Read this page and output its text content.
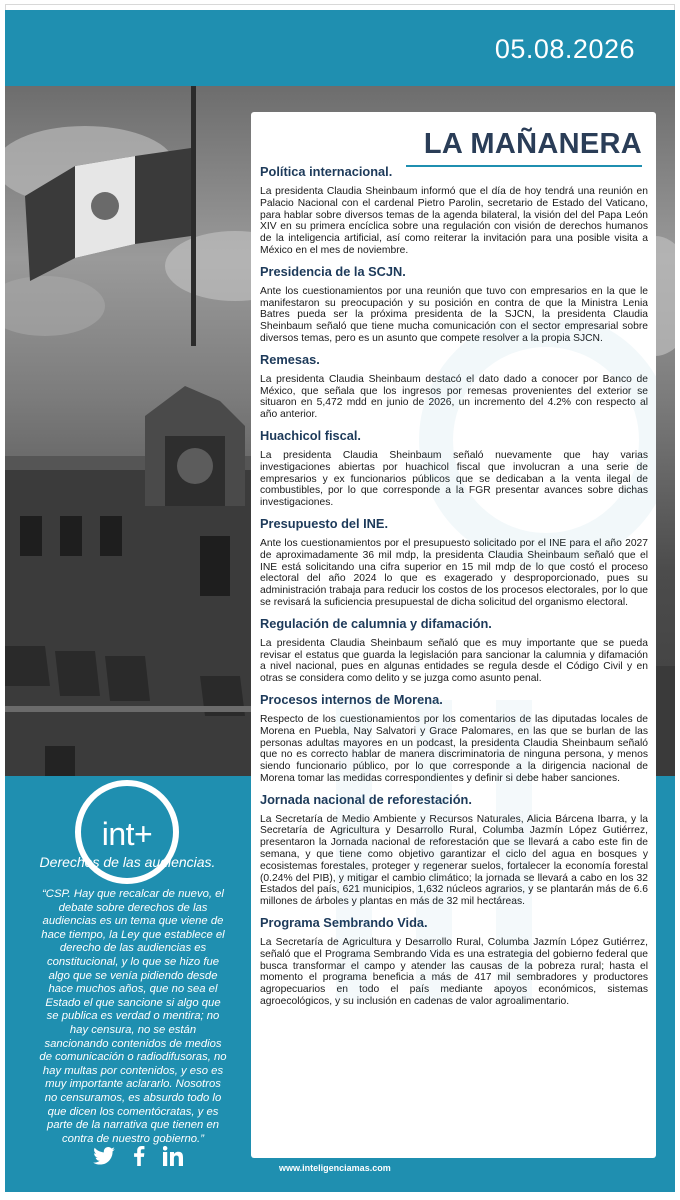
05.08.2026
int+
Derechos de las audiencias.
“CSP. Hay que recalcar de nuevo, el debate sobre derechos de las audiencias es un tema que viene de hace tiempo, la Ley que establece el derecho de las audiencias es constitucional, y lo que se hizo fue algo que se venía pidiendo desde hace muchos años, que no sea el Estado el que sancione si algo que se publica es verdad o mentira; no hay censura, no se están sancionando contenidos de medios de comunicación o radiodifusoras, no hay multas por contenidos, y eso es muy importante aclararlo. Nosotros no censuramos, es absurdo todo lo que dicen los comentócratas, y es parte de la narrativa que tienen en contra de nuestro gobierno.”
LA MAÑANERA
Política internacional.
La presidenta Claudia Sheinbaum informó que el día de hoy tendrá una reunión en Palacio Nacional con el cardenal Pietro Parolin, secretario de Estado del Vaticano, para hablar sobre diversos temas de la agenda bilateral, la visión del del Papa León XIV en su primera encíclica sobre una regulación con visión de derechos humanos de la inteligencia artificial, así como reiterar la invitación para una posible visita a México en el mes de noviembre.
Presidencia de la SCJN.
Ante los cuestionamientos por una reunión que tuvo con empresarios en la que le manifestaron su preocupación y su posición en contra de que la Ministra Lenia Batres pueda ser la próxima presidenta de la SJCN, la presidenta Claudia Sheinbaum señaló que tiene mucha comunicación con el sector empresarial sobre diversos temas, pero es un asunto que compete resolver a la propia SJCN.
Remesas.
La presidenta Claudia Sheinbaum destacó el dato dado a conocer por Banco de México, que señala que los ingresos por remesas provenientes del exterior se situaron en 5,472 mdd en junio de 2026, un incremento del 4.2% con respecto al año anterior.
Huachicol fiscal.
La presidenta Claudia Sheinbaum señaló nuevamente que hay varias investigaciones abiertas por huachicol fiscal que involucran a una serie de empresarios y ex funcionarios públicos que se dedicaban a la venta ilegal de combustibles, por lo que corresponde a la FGR presentar avances sobre dichas investigaciones.
Presupuesto del INE.
Ante los cuestionamientos por el presupuesto solicitado por el INE para el año 2027 de aproximadamente 36 mil mdp, la presidenta Claudia Sheinbaum señaló que el INE está solicitando una cifra superior en 15 mil mdp de lo que costó el proceso electoral del año 2024 lo que es exagerado y desproporcionado, pues su administración trabaja para reducir los costos de los procesos electorales, por lo que se revisará la suficiencia presupuestal de dicha solicitud del organismo electoral.
Regulación de calumnia y difamación.
La presidenta Claudia Sheinbaum señaló que es muy importante que se pueda revisar el estatus que guarda la legislación para sancionar la calumnia y difamación a nivel nacional, pues en algunas entidades se regula desde el Código Civil y en otras se considera como delito y se juzga como asunto penal.
Procesos internos de Morena.
Respecto de los cuestionamientos por los comentarios de las diputadas locales de Morena en Puebla, Nay Salvatori y Grace Palomares, en las que se burlan de las personas adultas mayores en un podcast, la presidenta Claudia Sheinbaum señaló que no es correcto hablar de manera discriminatoria de ninguna persona, y menos siendo funcionario público, por lo que corresponde a la dirigencia nacional de Morena tomar las medidas correspondientes y definir si debe haber sanciones.
Jornada nacional de reforestación.
La Secretaría de Medio Ambiente y Recursos Naturales, Alicia Bárcena Ibarra, y la Secretaría de Agricultura y Desarrollo Rural, Columba Jazmín López Gutiérrez, presentaron la Jornada nacional de reforestación que se llevará a cabo este fin de semana, y que tiene como objetivo garantizar el ciclo del agua en bosques y ecosistemas forestales, proteger y regenerar suelos, fortalecer la economía forestal (0.24% del PIB), y mitigar el cambio climático; la jornada se llevará a cabo en los 32 Estados del país, 621 municipios, 1,632 núcleos agrarios, y se plantarán más de 6.6 millones de árboles y plantas en más de 32 mil hectáreas.
Programa Sembrando Vida.
La Secretaría de Agricultura y Desarrollo Rural, Columba Jazmín López Gutiérrez, señaló que el Programa Sembrando Vida es una estrategia del gobierno federal que busca transformar el campo y atender las causas de la pobreza rural; hasta el momento el programa beneficia a más de 417 mil sembradores y productores agropecuarios en todo el país mediante apoyos económicos, sistemas agroecológicos, y su inclusión en cadenas de valor agroalimentario.
www.inteligenciamas.com
